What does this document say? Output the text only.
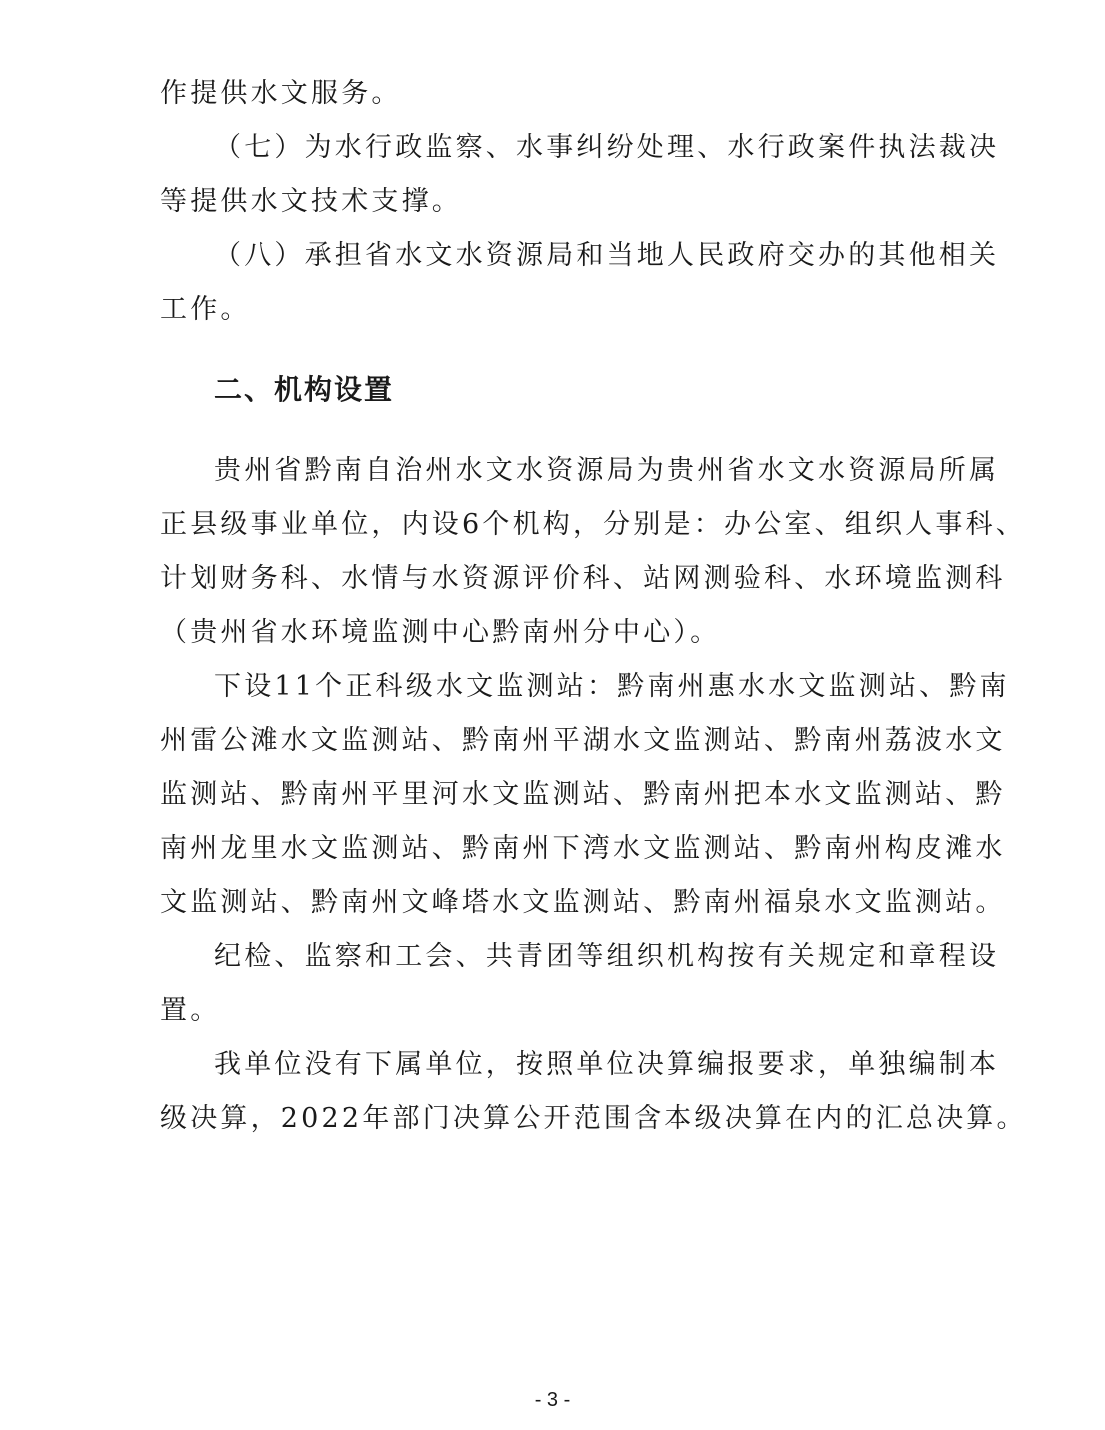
作提供水文服务。
（七）为水行政监察、水事纠纷处理、水行政案件执法裁决
等提供水文技术支撑。
（八）承担省水文水资源局和当地人民政府交办的其他相关
工作。
二、机构设置
贵州省黔南自治州水文水资源局为贵州省水文水资源局所属
正县级事业单位，内设6个机构，分别是：办公室、组织人事科、
计划财务科、水情与水资源评价科、站网测验科、水环境监测科
（贵州省水环境监测中心黔南州分中心）。
下设11个正科级水文监测站：黔南州惠水水文监测站、黔南
州雷公滩水文监测站、黔南州平湖水文监测站、黔南州荔波水文
监测站、黔南州平里河水文监测站、黔南州把本水文监测站、黔
南州龙里水文监测站、黔南州下湾水文监测站、黔南州构皮滩水
文监测站、黔南州文峰塔水文监测站、黔南州福泉水文监测站。
纪检、监察和工会、共青团等组织机构按有关规定和章程设
置。
我单位没有下属单位，按照单位决算编报要求，单独编制本
级决算，2022年部门决算公开范围含本级决算在内的汇总决算。
- 3 -
